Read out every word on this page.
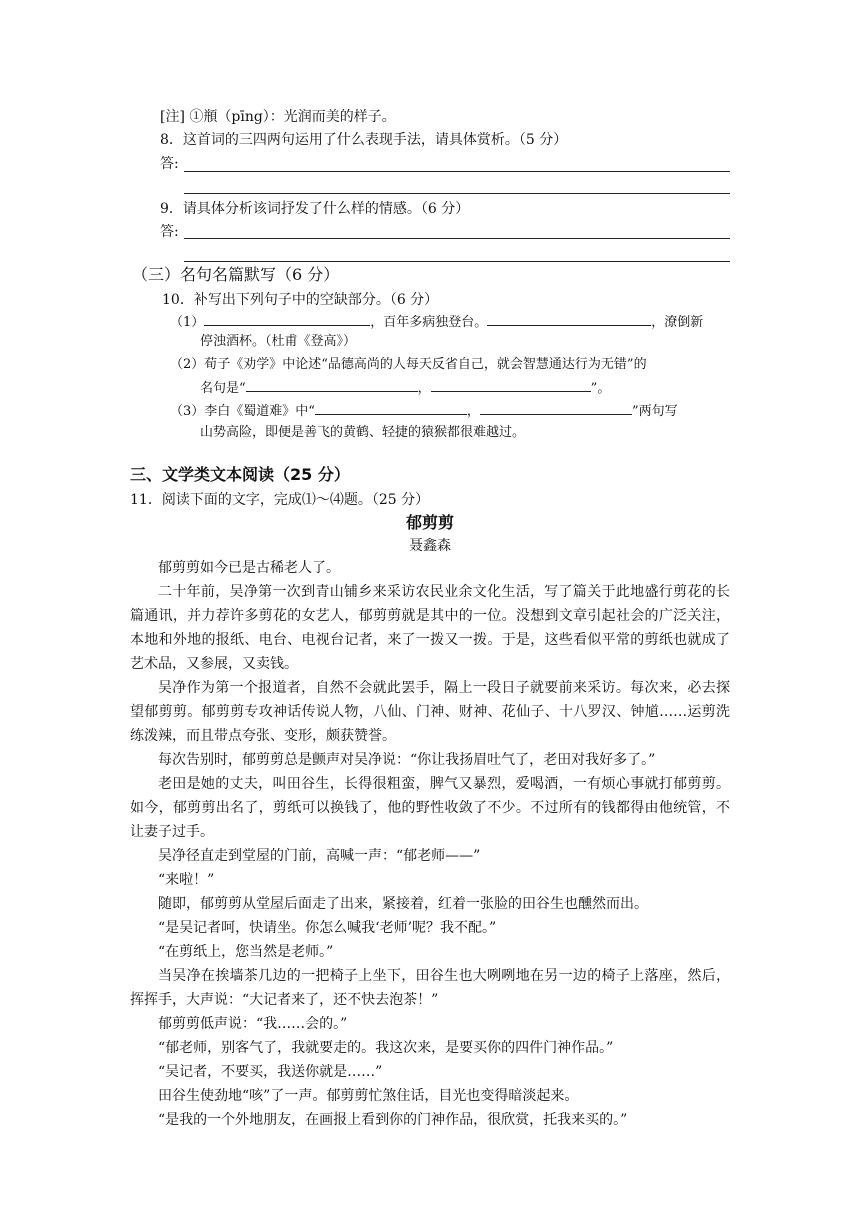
[注] ①頩（pīng）：光润而美的样子。
8．这首词的三四两句运用了什么表现手法，请具体赏析。（5 分）
答:
9．请具体分析该词抒发了什么样的情感。（6 分）
答:
（三）名句名篇默写（6 分）
10．补写出下列句子中的空缺部分。（6 分）
（1）	，百年多病独登台。	，潦倒新
停浊酒杯。（杜甫《登高》）
（2）荀子《劝学》中论述“品德高尚的人每天反省自己，就会智慧通达行为无错”的
名句是“	，	”。
（3）李白《蜀道难》中“	，	”两句写
山势高险，即便是善飞的黄鹤、轻捷的猿猴都很难越过。
三、文学类文本阅读（25 分）
11．阅读下面的文字，完成⑴～⑷题。（25 分）
郁剪剪
聂鑫森
郁剪剪如今已是古稀老人了。
二十年前，吴净第一次到青山铺乡来采访农民业余文化生活，写了篇关于此地盛行剪花的长篇通讯，并力荐许多剪花的女艺人，郁剪剪就是其中的一位。没想到文章引起社会的广泛关注，本地和外地的报纸、电台、电视台记者，来了一拨又一拨。于是，这些看似平常的剪纸也就成了艺术品，又参展，又卖钱。
吴净作为第一个报道者，自然不会就此罢手，隔上一段日子就要前来采访。每次来，必去探望郁剪剪。郁剪剪专攻神话传说人物，八仙、门神、财神、花仙子、十八罗汉、钟馗……运剪洗练泼辣，而且带点夸张、变形，颇获赞誉。
每次告别时，郁剪剪总是颤声对吴净说：“你让我扬眉吐气了，老田对我好多了。”
老田是她的丈夫，叫田谷生，长得很粗蛮，脾气又暴烈，爱喝酒，一有烦心事就打郁剪剪。如今，郁剪剪出名了，剪纸可以换钱了，他的野性收敛了不少。不过所有的钱都得由他统管，不让妻子过手。
吴净径直走到堂屋的门前，高喊一声：“郁老师——”
“来啦！”
随即，郁剪剪从堂屋后面走了出来，紧接着，红着一张脸的田谷生也醺然而出。
“是吴记者呵，快请坐。你怎么喊我‘老师’呢？我不配。”
“在剪纸上，您当然是老师。”
当吴净在挨墙茶几边的一把椅子上坐下，田谷生也大咧咧地在另一边的椅子上落座，然后，挥挥手，大声说：“大记者来了，还不快去泡茶！”
郁剪剪低声说：“我……会的。”
“郁老师，别客气了，我就要走的。我这次来，是要买你的四件门神作品。”
“吴记者，不要买，我送你就是……”
田谷生使劲地“咳”了一声。郁剪剪忙煞住话，目光也变得暗淡起来。
“是我的一个外地朋友，在画报上看到你的门神作品，很欣赏，托我来买的。”
